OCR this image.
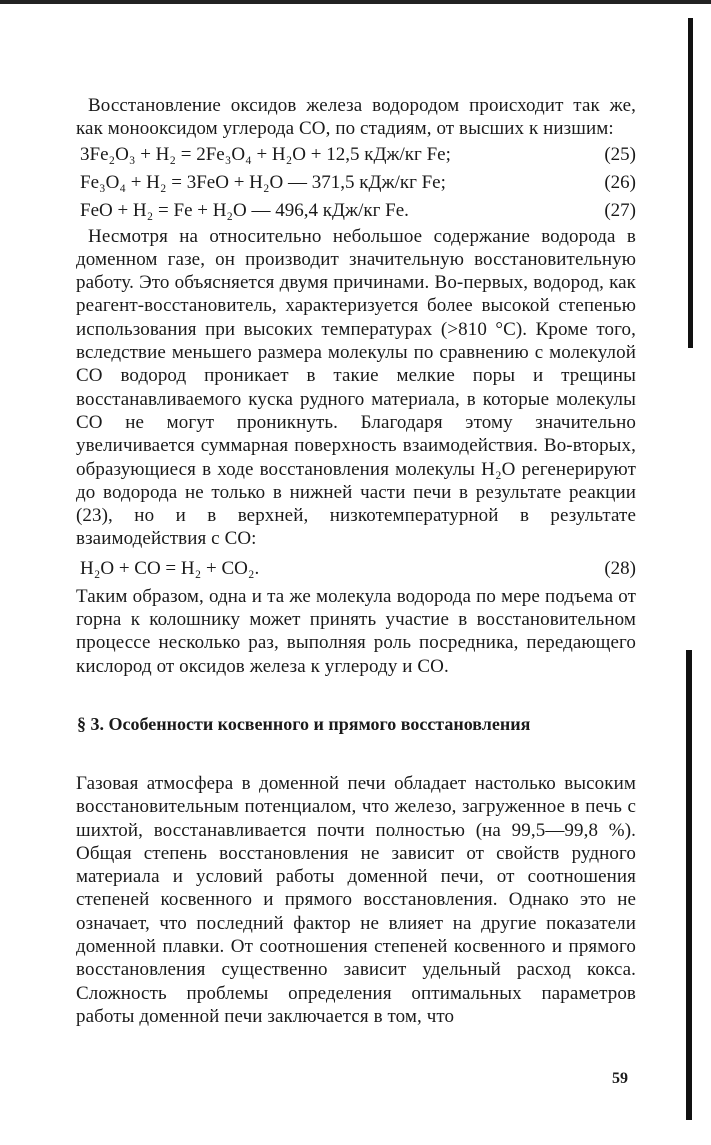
Восстановление оксидов железа водородом происходит так же, как монооксидом углерода CO, по стадиям, от высших к низшим:

3Fe₂O₃ + H₂ = 2Fe₃O₄ + H₂O + 12,5 кДж/кг Fe;	(25)
Fe₃O₄ + H₂ = 3FeO + H₂O — 371,5 кДж/кг Fe;	(26)
FeO + H₂ = Fe + H₂O — 496,4 кДж/кг Fe.	(27)

Несмотря на относительно небольшое содержание водорода в доменном газе, он производит значительную восстановительную работу. Это объясняется двумя причинами. Во-первых, водород, как реагент-восстановитель, характеризуется более высокой степенью использования при высоких температурах (>810 °C). Кроме того, вследствие меньшего размера молекулы по сравнению с молекулой CO водород проникает в такие мелкие поры и трещины восстанавливаемого куска рудного материала, в которые молекулы CO не могут проникнуть. Благодаря этому значительно увеличивается суммарная поверхность взаимодействия. Во-вторых, образующиеся в ходе восстановления молекулы H₂O регенерируют до водорода не только в нижней части печи в результате реакции (23), но и в верхней, низкотемпературной в результате взаимодействия с CO:

H₂O + CO = H₂ + CO₂.	(28)

Таким образом, одна и та же молекула водорода по мере подъема от горна к колошнику может принять участие в восстановительном процессе несколько раз, выполняя роль посредника, передающего кислород от оксидов железа к углероду и CO.

§ 3. Особенности косвенного и прямого восстановления

Газовая атмосфера в доменной печи обладает настолько высоким восстановительным потенциалом, что железо, загруженное в печь с шихтой, восстанавливается почти полностью (на 99,5—99,8 %). Общая степень восстановления не зависит от свойств рудного материала и условий работы доменной печи, от соотношения степеней косвенного и прямого восстановления. Однако это не означает, что последний фактор не влияет на другие показатели доменной плавки. От соотношения степеней косвенного и прямого восстановления существенно зависит удельный расход кокса. Сложность проблемы определения оптимальных параметров работы доменной печи заключается в том, что

59
